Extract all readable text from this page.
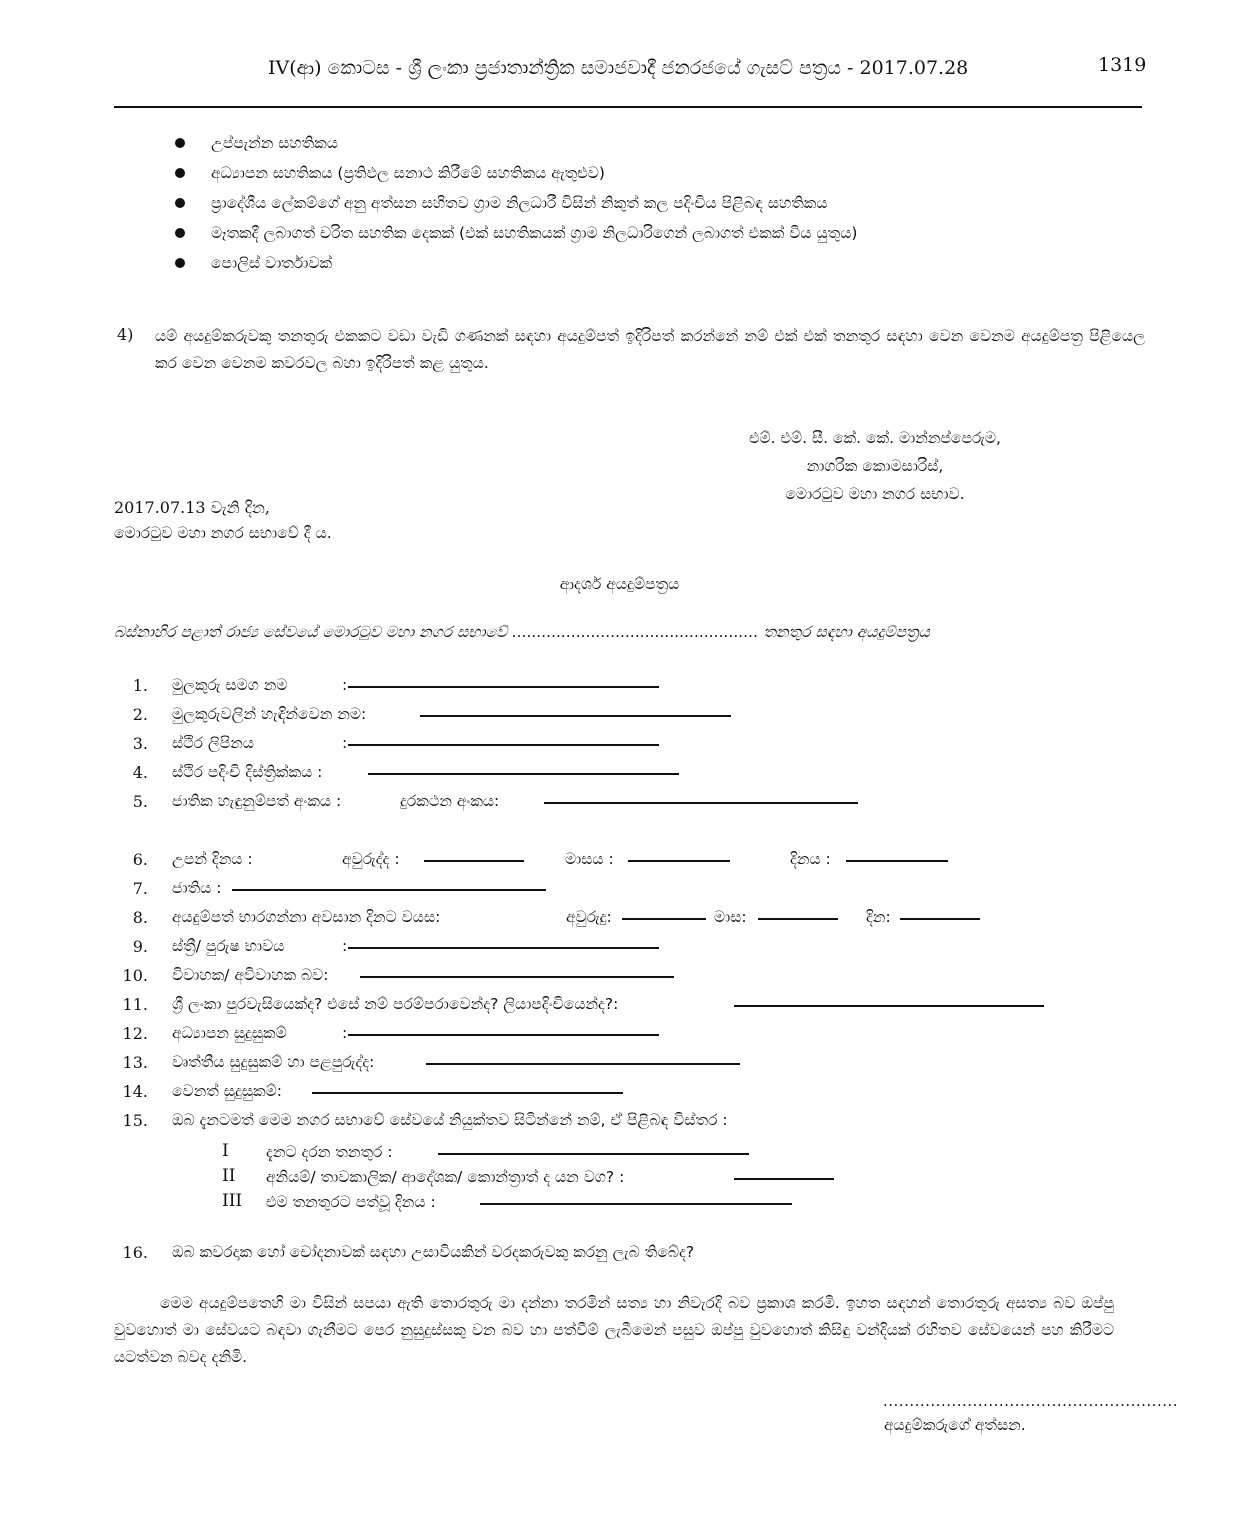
IV(ආ) කොටස - ශ්‍රී ලංකා ප්‍රජාතාන්ත්‍රික සමාජවාදී ජනරජයේ ගැසට් පත්‍රය - 2017.07.28	1319
උප්පැන්න සහතිකය
අධ්‍යාපන සහතිකය (ප්‍රතිඵල සනාථ කිරීමේ සහතිකය ඇතුළුව)
ප්‍රාදේශීය ලේකම්ගේ අනු අත්සන සහිතව ග්‍රාම නිලධාරී විසින් නිකුත් කල පදිංචිය පිළිබඳ සහතිකය
මෑතකදී ලබාගත් චරිත සහතික දෙකක් (එක් සහතිකයක් ග්‍රාම නිලධාරිගෙන් ලබාගත් එකක් විය යුතුය)
පොලිස් වාර්තාවක්
4) යම් අයදුම්කරුවකු තනතුරු එකකට වඩා වැඩි ගණනක් සඳහා අයදුම්පත් ඉදිරිපත් කරන්නේ නම් එක් එක් තනතුර සඳහා වෙන වෙනම අයදුම්පත්‍ර පිළියෙල කර වෙන වෙනම කවරවල බහා ඉදිරිපත් කළ යුතුය.
එම්. එම්. සී. කේ. කේ. මාන්නප්පෙරුම,
නාගරික කොමසාරිස්,
මොරටුව මහා නගර සභාව.
2017.07.13 වැනි දින,
මොරටුව මහා නගර සභාවේ දී ය.
ආදර්ශ අයදුම්පත්‍රය
බස්නාහිර පළාත් රාජ්‍ය සේවයේ මොරටුව මහා නගර සභාවේ .................................................. තනතුර සඳහා අයදුම්පත්‍රය
1. මුලකුරු සමග නම	:
2. මුලකුරුවලින් හැඳින්වෙන නම:
3. ස්ථිර ලිපිනය	:
4. ස්ථිර පදිංචි දිස්ත්‍රික්කය :
5. ජාතික හැඳුනුම්පත් අංකය :	දුරකථන අංකය:
6. උපන් දිනය :	අවුරුද්ද :	මාසය :	දිනය :
7. ජාතිය :
8. අයදුම්පත් භාරගන්නා අවසාන දිනට වයස:	අවුරුදු:	මාස:	දින:
9. ස්ත්‍රී/ පුරුෂ භාවය	:
10. විවාහක/ අවිවාහක බව:
11. ශ්‍රී ලංකා පුරවැසියෙක්ද? එසේ නම් පරම්පරාවෙන්ද? ලියාපදිංචියෙන්ද?:
12. අධ්‍යාපන සුදුසුකම්	:
13. වෘත්තීය සුදුසුකම් හා පළපුරුද්ද:
14. වෙනත් සුදුසුකම්:
15. ඔබ දැනටමත් මෙම නගර සභාවේ සේවයේ නියුක්තව සිටින්නේ නම්, ඒ පිළිබඳ විස්තර :
I දැනට දරන තනතුර :
II අනියම්/ තාවකාලික/ ආදේශක/ කොන්ත්‍රාත් ද යන වග? :
III එම තනතුරට පත්වූ දිනය :
16. ඔබ කවරදාක හෝ චෝදනාවක් සඳහා උසාවියකින් වරදකරුවකු කරනු ලැබ තිබේද?
මෙම අයදුම්පතෙහි මා විසින් සපයා ඇති තොරතුරු මා දන්නා තරමින් සත්‍ය හා නිවැරදි බව ප්‍රකාශ කරමි. ඉහත සඳහන් තොරතුරු අසත්‍ය බව ඔප්පු වුවහොත් මා සේවයට බඳවා ගැනීමට පෙර නුසුදුස්සකු වන බව හා පත්වීම් ලැබීමෙන් පසුව ඔප්පු වුවහොත් කිසිඳු වන්දියක් රහිතව සේවයෙන් පහ කිරීමට යටත්වන බවද දනිමි.
........................................................
අයදුම්කරුගේ අත්සන.
